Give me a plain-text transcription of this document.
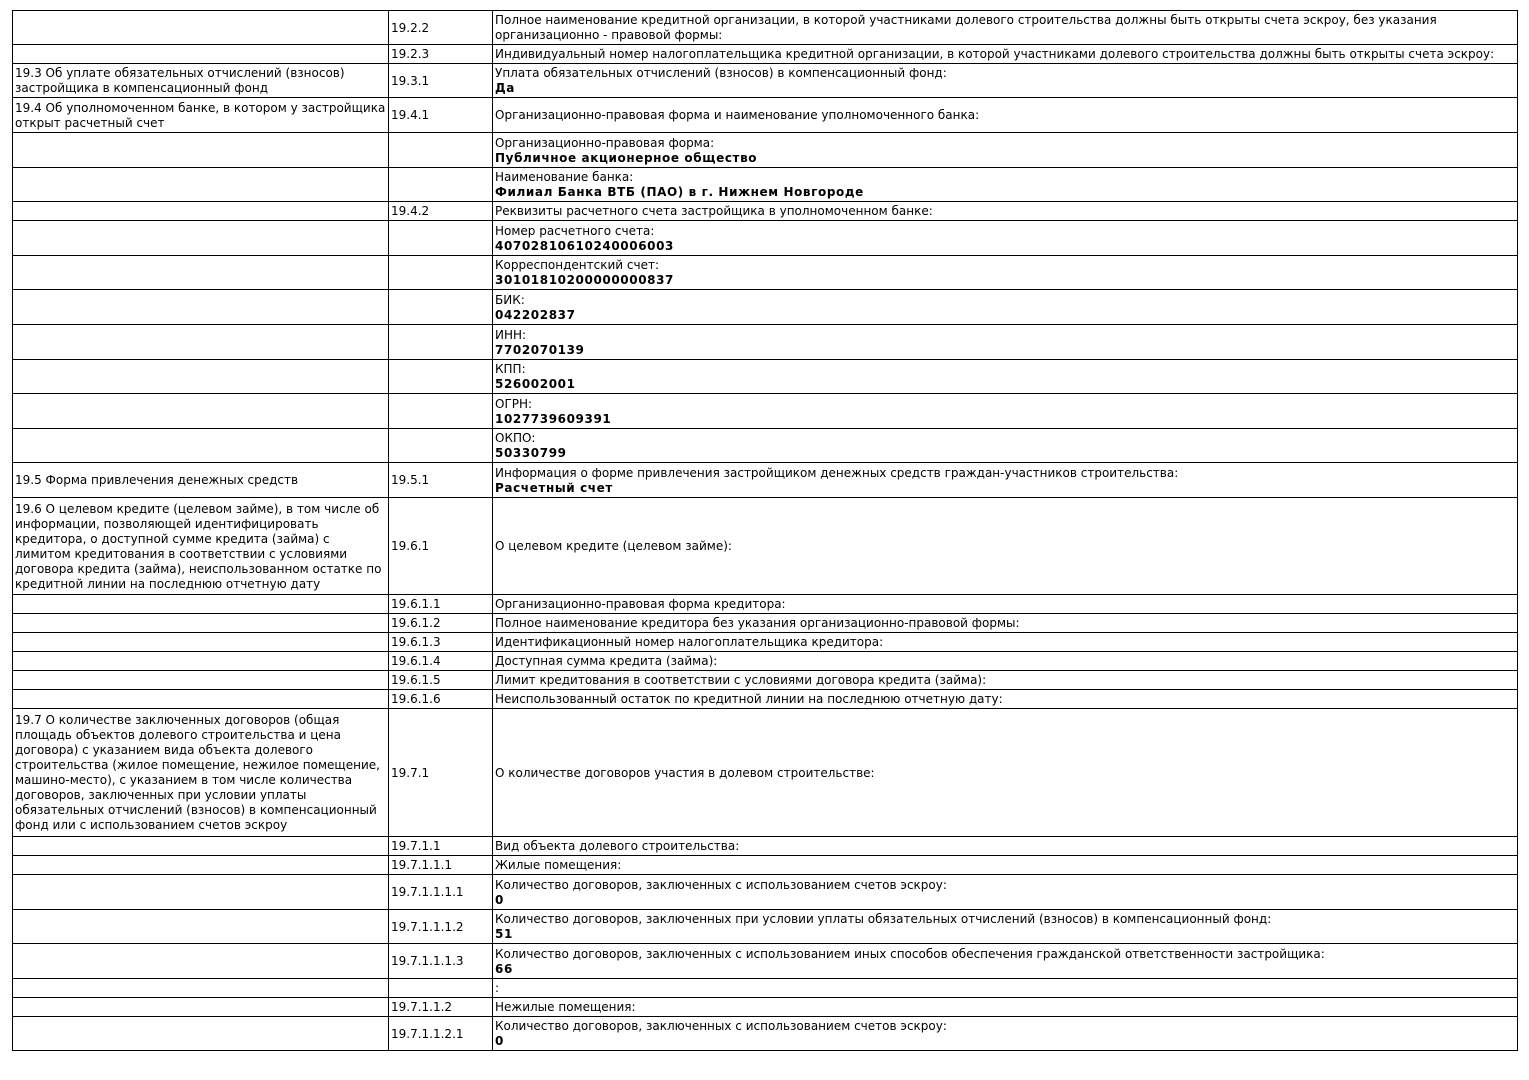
	19.2.2	Полное наименование кредитной организации, в которой участниками долевого строительства должны быть открыты счета эскроу, без указания организационно - правовой формы:

	19.2.3	Индивидуальный номер налогоплательщика кредитной организации, в которой участниками долевого строительства должны быть открыты счета эскроу:

19.3 Об уплате обязательных отчислений (взносов) застройщика в компенсационный фонд	19.3.1	Уплата обязательных отчислений (взносов) в компенсационный фонд:
Да

19.4 Об уполномоченном банке, в котором у застройщика открыт расчетный счет	19.4.1	Организационно-правовая форма и наименование уполномоченного банка:

		Организационно-правовая форма:
Публичное акционерное общество

		Наименование банка:
Филиал Банка ВТБ (ПАО) в г. Нижнем Новгороде

	19.4.2	Реквизиты расчетного счета застройщика в уполномоченном банке:

		Номер расчетного счета:
40702810610240006003

		Корреспондентский счет:
30101810200000000837

		БИК:
042202837

		ИНН:
7702070139

		КПП:
526002001

		ОГРН:
1027739609391

		ОКПО:
50330799

19.5 Форма привлечения денежных средств	19.5.1	Информация о форме привлечения застройщиком денежных средств граждан-участников строительства:
Расчетный счет

19.6 О целевом кредите (целевом займе), в том числе об информации, позволяющей идентифицировать кредитора, о доступной сумме кредита (займа) с лимитом кредитования в соответствии с условиями договора кредита (займа), неиспользованном остатке по кредитной линии на последнюю отчетную дату	19.6.1	О целевом кредите (целевом займе):

	19.6.1.1	Организационно-правовая форма кредитора:

	19.6.1.2	Полное наименование кредитора без указания организационно-правовой формы:

	19.6.1.3	Идентификационный номер налогоплательщика кредитора:

	19.6.1.4	Доступная сумма кредита (займа):

	19.6.1.5	Лимит кредитования в соответствии с условиями договора кредита (займа):

	19.6.1.6	Неиспользованный остаток по кредитной линии на последнюю отчетную дату:

19.7 О количестве заключенных договоров (общая площадь объектов долевого строительства и цена договора) с указанием вида объекта долевого строительства (жилое помещение, нежилое помещение, машино-место), с указанием в том числе количества договоров, заключенных при условии уплаты обязательных отчислений (взносов) в компенсационный фонд или с использованием счетов эскроу	19.7.1	О количестве договоров участия в долевом строительстве:

	19.7.1.1	Вид объекта долевого строительства:

	19.7.1.1.1	Жилые помещения:

	19.7.1.1.1.1	Количество договоров, заключенных с использованием счетов эскроу:
0

	19.7.1.1.1.2	Количество договоров, заключенных при условии уплаты обязательных отчислений (взносов) в компенсационный фонд:
51

	19.7.1.1.1.3	Количество договоров, заключенных с использованием иных способов обеспечения гражданской ответственности застройщика:
66

		:

	19.7.1.1.2	Нежилые помещения:

	19.7.1.1.2.1	Количество договоров, заключенных с использованием счетов эскроу:
0
